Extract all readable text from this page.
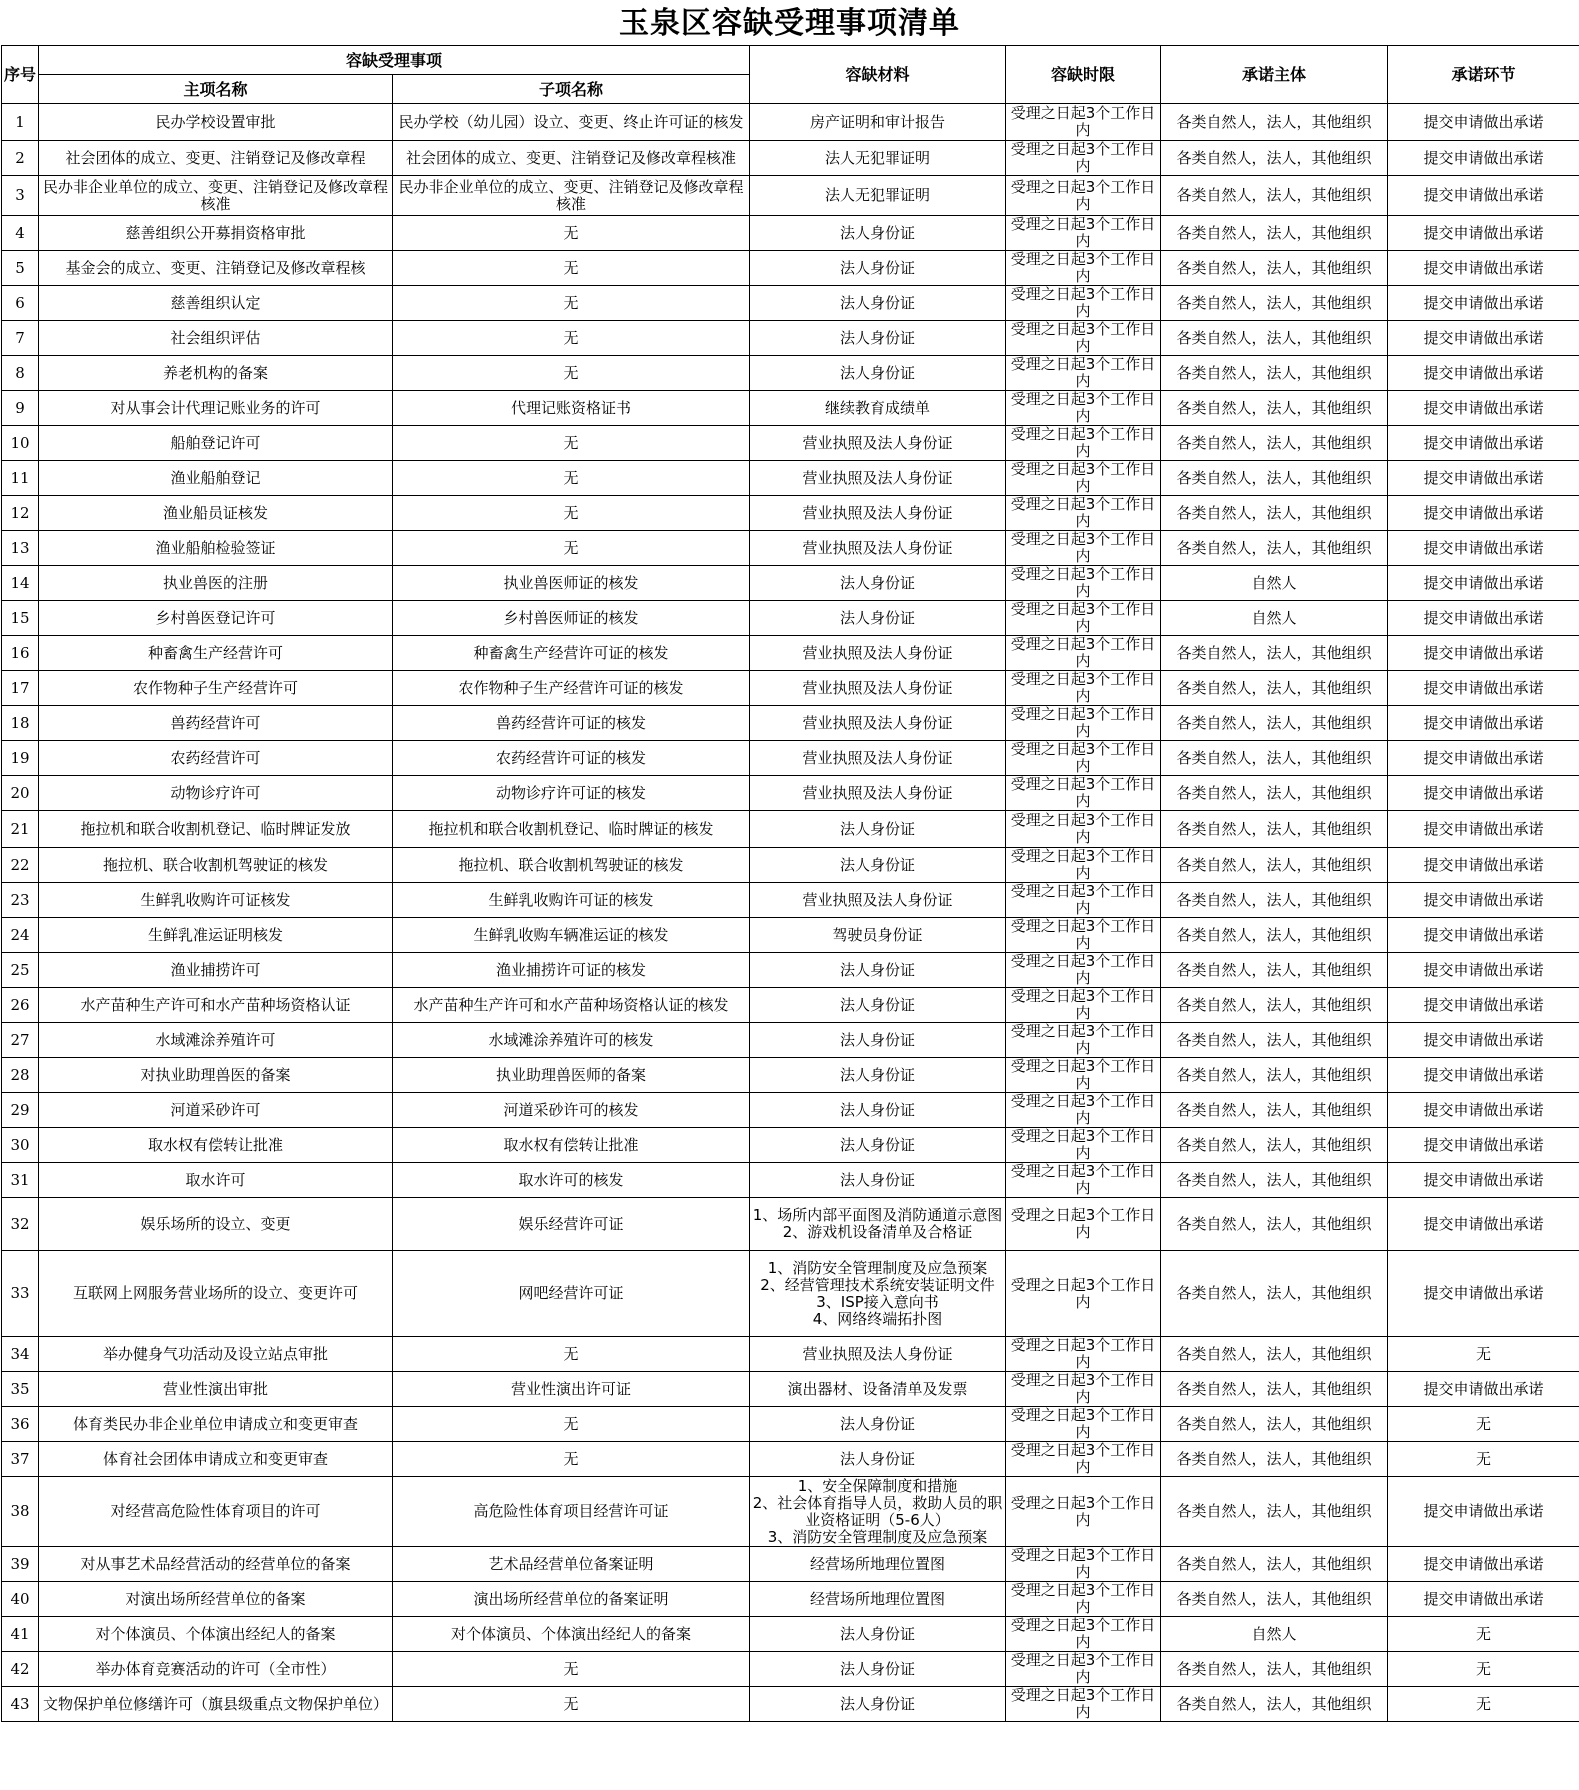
玉泉区容缺受理事项清单
序号	容缺受理事项		容缺材料	容缺时限	承诺主体	承诺环节
	主项名称	子项名称				
1	民办学校设置审批	民办学校（幼儿园）设立、变更、终止许可证的核发	房产证明和审计报告	受理之日起3个工作日内	各类自然人，法人，其他组织	提交申请做出承诺
2	社会团体的成立、变更、注销登记及修改章程	社会团体的成立、变更、注销登记及修改章程核准	法人无犯罪证明	受理之日起3个工作日内	各类自然人，法人，其他组织	提交申请做出承诺
3	民办非企业单位的成立、变更、注销登记及修改章程核准	民办非企业单位的成立、变更、注销登记及修改章程核准	法人无犯罪证明	受理之日起3个工作日内	各类自然人，法人，其他组织	提交申请做出承诺
4	慈善组织公开募捐资格审批	无	法人身份证	受理之日起3个工作日内	各类自然人，法人，其他组织	提交申请做出承诺
5	基金会的成立、变更、注销登记及修改章程核	无	法人身份证	受理之日起3个工作日内	各类自然人，法人，其他组织	提交申请做出承诺
6	慈善组织认定	无	法人身份证	受理之日起3个工作日内	各类自然人，法人，其他组织	提交申请做出承诺
7	社会组织评估	无	法人身份证	受理之日起3个工作日内	各类自然人，法人，其他组织	提交申请做出承诺
8	养老机构的备案	无	法人身份证	受理之日起3个工作日内	各类自然人，法人，其他组织	提交申请做出承诺
9	对从事会计代理记账业务的许可	代理记账资格证书	继续教育成绩单	受理之日起3个工作日内	各类自然人，法人，其他组织	提交申请做出承诺
10	船舶登记许可	无	营业执照及法人身份证	受理之日起3个工作日内	各类自然人，法人，其他组织	提交申请做出承诺
11	渔业船舶登记	无	营业执照及法人身份证	受理之日起3个工作日内	各类自然人，法人，其他组织	提交申请做出承诺
12	渔业船员证核发	无	营业执照及法人身份证	受理之日起3个工作日内	各类自然人，法人，其他组织	提交申请做出承诺
13	渔业船舶检验签证	无	营业执照及法人身份证	受理之日起3个工作日内	各类自然人，法人，其他组织	提交申请做出承诺
14	执业兽医的注册	执业兽医师证的核发	法人身份证	受理之日起3个工作日内	自然人	提交申请做出承诺
15	乡村兽医登记许可	乡村兽医师证的核发	法人身份证	受理之日起3个工作日内	自然人	提交申请做出承诺
16	种畜禽生产经营许可	种畜禽生产经营许可证的核发	营业执照及法人身份证	受理之日起3个工作日内	各类自然人，法人，其他组织	提交申请做出承诺
17	农作物种子生产经营许可	农作物种子生产经营许可证的核发	营业执照及法人身份证	受理之日起3个工作日内	各类自然人，法人，其他组织	提交申请做出承诺
18	兽药经营许可	兽药经营许可证的核发	营业执照及法人身份证	受理之日起3个工作日内	各类自然人，法人，其他组织	提交申请做出承诺
19	农药经营许可	农药经营许可证的核发	营业执照及法人身份证	受理之日起3个工作日内	各类自然人，法人，其他组织	提交申请做出承诺
20	动物诊疗许可	动物诊疗许可证的核发	营业执照及法人身份证	受理之日起3个工作日内	各类自然人，法人，其他组织	提交申请做出承诺
21	拖拉机和联合收割机登记、临时牌证发放	拖拉机和联合收割机登记、临时牌证的核发	法人身份证	受理之日起3个工作日内	各类自然人，法人，其他组织	提交申请做出承诺
22	拖拉机、联合收割机驾驶证的核发	拖拉机、联合收割机驾驶证的核发	法人身份证	受理之日起3个工作日内	各类自然人，法人，其他组织	提交申请做出承诺
23	生鲜乳收购许可证核发	生鲜乳收购许可证的核发	营业执照及法人身份证	受理之日起3个工作日内	各类自然人，法人，其他组织	提交申请做出承诺
24	生鲜乳准运证明核发	生鲜乳收购车辆准运证的核发	驾驶员身份证	受理之日起3个工作日内	各类自然人，法人，其他组织	提交申请做出承诺
25	渔业捕捞许可	渔业捕捞许可证的核发	法人身份证	受理之日起3个工作日内	各类自然人，法人，其他组织	提交申请做出承诺
26	水产苗种生产许可和水产苗种场资格认证	水产苗种生产许可和水产苗种场资格认证的核发	法人身份证	受理之日起3个工作日内	各类自然人，法人，其他组织	提交申请做出承诺
27	水域滩涂养殖许可	水域滩涂养殖许可的核发	法人身份证	受理之日起3个工作日内	各类自然人，法人，其他组织	提交申请做出承诺
28	对执业助理兽医的备案	执业助理兽医师的备案	法人身份证	受理之日起3个工作日内	各类自然人，法人，其他组织	提交申请做出承诺
29	河道采砂许可	河道采砂许可的核发	法人身份证	受理之日起3个工作日内	各类自然人，法人，其他组织	提交申请做出承诺
30	取水权有偿转让批准	取水权有偿转让批准	法人身份证	受理之日起3个工作日内	各类自然人，法人，其他组织	提交申请做出承诺
31	取水许可	取水许可的核发	法人身份证	受理之日起3个工作日内	各类自然人，法人，其他组织	提交申请做出承诺
32	娱乐场所的设立、变更	娱乐经营许可证	1、场所内部平面图及消防通道示意图
2、游戏机设备清单及合格证	受理之日起3个工作日内	各类自然人，法人，其他组织	提交申请做出承诺
33	互联网上网服务营业场所的设立、变更许可	网吧经营许可证	1、消防安全管理制度及应急预案
2、经营管理技术系统安装证明文件
3、ISP接入意向书
4、网络终端拓扑图	受理之日起3个工作日内	各类自然人，法人，其他组织	提交申请做出承诺
34	举办健身气功活动及设立站点审批	无	营业执照及法人身份证	受理之日起3个工作日内	各类自然人，法人，其他组织	无
35	营业性演出审批	营业性演出许可证	演出器材、设备清单及发票	受理之日起3个工作日内	各类自然人，法人，其他组织	提交申请做出承诺
36	体育类民办非企业单位申请成立和变更审查	无	法人身份证	受理之日起3个工作日内	各类自然人，法人，其他组织	无
37	体育社会团体申请成立和变更审查	无	法人身份证	受理之日起3个工作日内	各类自然人，法人，其他组织	无
38	对经营高危险性体育项目的许可	高危险性体育项目经营许可证	1、安全保障制度和措施
2、社会体育指导人员，救助人员的职业资格证明（5-6人）
3、消防安全管理制度及应急预案	受理之日起3个工作日内	各类自然人，法人，其他组织	提交申请做出承诺
39	对从事艺术品经营活动的经营单位的备案	艺术品经营单位备案证明	经营场所地理位置图	受理之日起3个工作日内	各类自然人，法人，其他组织	提交申请做出承诺
40	对演出场所经营单位的备案	演出场所经营单位的备案证明	经营场所地理位置图	受理之日起3个工作日内	各类自然人，法人，其他组织	提交申请做出承诺
41	对个体演员、个体演出经纪人的备案	对个体演员、个体演出经纪人的备案	法人身份证	受理之日起3个工作日内	自然人	无
42	举办体育竞赛活动的许可（全市性）	无	法人身份证	受理之日起3个工作日内	各类自然人，法人，其他组织	无
43	文物保护单位修缮许可（旗县级重点文物保护单位）	无	法人身份证	受理之日起3个工作日内	各类自然人，法人，其他组织	无
